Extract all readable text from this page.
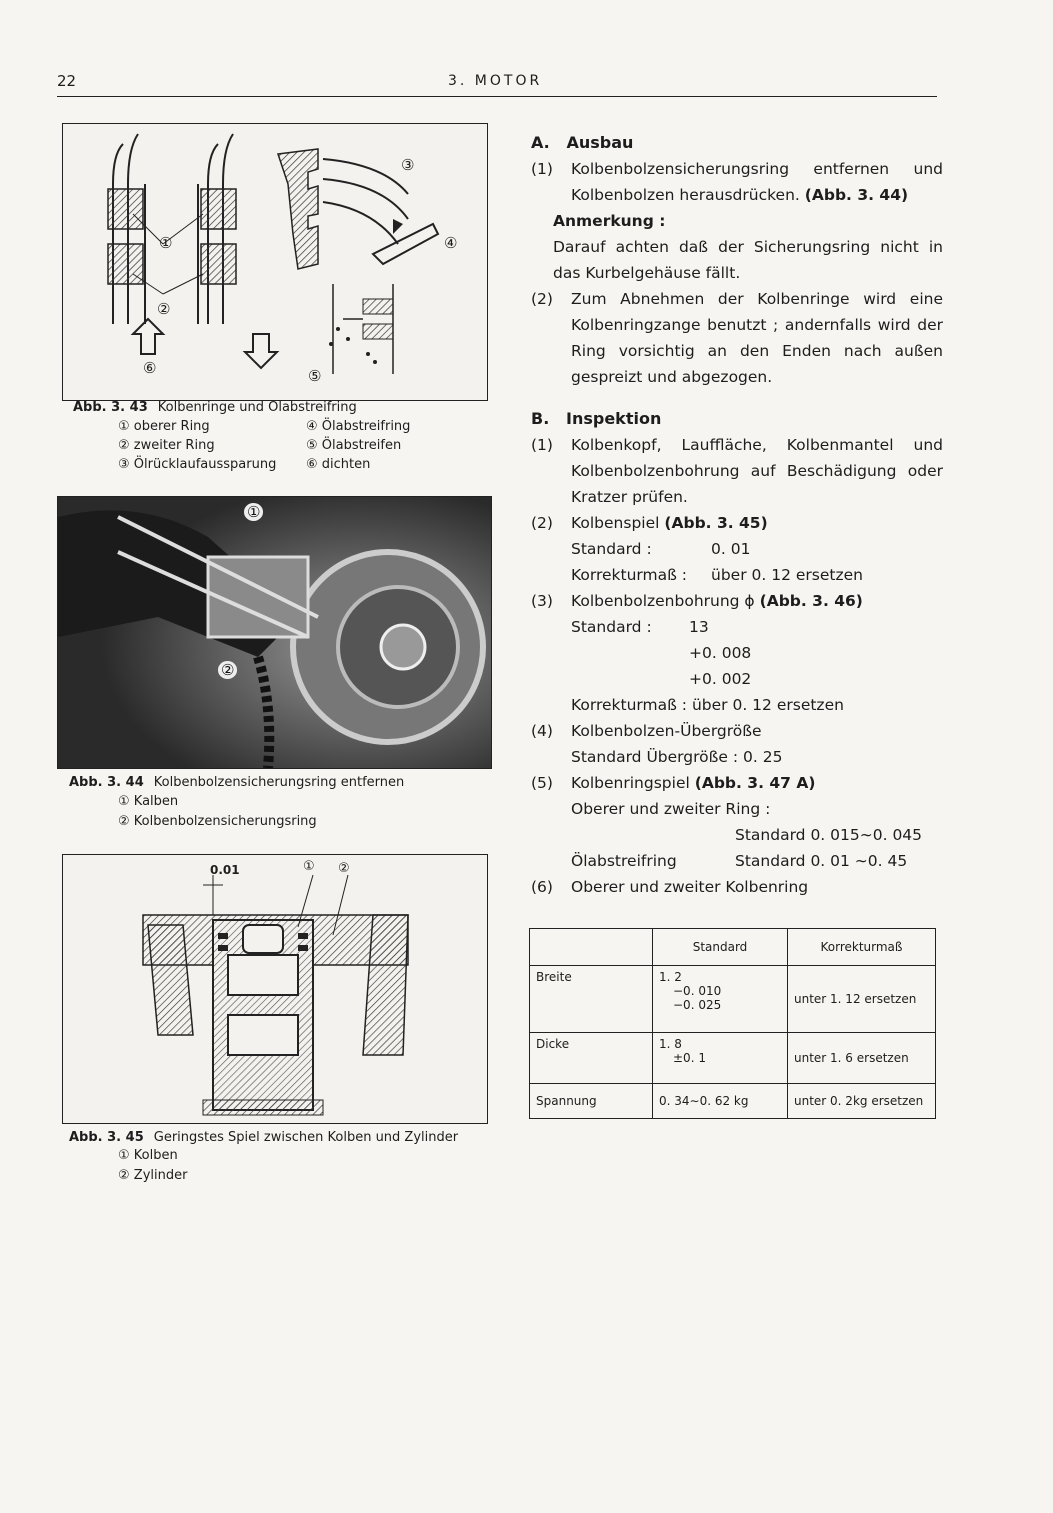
22	3. MOTOR
①
②
③
④
⑤
⑥
Abb. 3. 43 Kolbenringe und Olabstreifring
① oberer Ring	④ Ölabstreifring
② zweiter Ring	⑤ Ölabstreifen
③ Ölrücklaufaussparung ⑥ dichten
①
②
Abb. 3. 44 Kolbenbolzensicherungsring entfernen
① Kalben
② Kolbenbolzensicherungsring
0.01	① ②
Abb. 3. 45 Geringstes Spiel zwischen Kolben und Zylinder
① Kolben
② Zylinder
A. Ausbau
(1) Kolbenbolzensicherungsring entfernen und Kolbenbolzen herausdrücken. (Abb. 3. 44)
Anmerkung :
Darauf achten daß der Sicherungsring nicht in das Kurbelgehäuse fällt.
(2) Zum Abnehmen der Kolbenringe wird eine Kolbenringzange benutzt ; andernfalls wird der Ring vorsichtig an den Enden nach außen gespreizt und abgezogen.
B. Inspektion
(1) Kolbenkopf, Lauffläche, Kolbenmantel und Kolbenbolzenbohrung auf Beschädigung oder Kratzer prüfen.
(2) Kolbenspiel (Abb. 3. 45)
Standard :	0. 01
Korrekturmaß : über 0. 12 ersetzen
(3) Kolbenbolzenbohrung ϕ (Abb. 3. 46)
Standard : 13
+0. 008
+0. 002
Korrekturmaß : über 0. 12 ersetzen
(4) Kolbenbolzen-Übergröße
Standard Übergröße : 0. 25
(5) Kolbenringspiel (Abb. 3. 47 A)
Oberer und zweiter Ring :
Standard 0. 015∼0. 045
Ölabstreifring	Standard 0. 01 ∼0. 45
(6) Oberer und zweiter Kolbenring
	Standard	Korrekturmaß
Breite	1. 2
−0. 010
−0. 025	unter 1. 12 ersetzen
Dicke	1. 8
±0. 1	unter 1. 6 ersetzen
Spannung	0. 34∼0. 62 kg	unter 0. 2kg ersetzen
